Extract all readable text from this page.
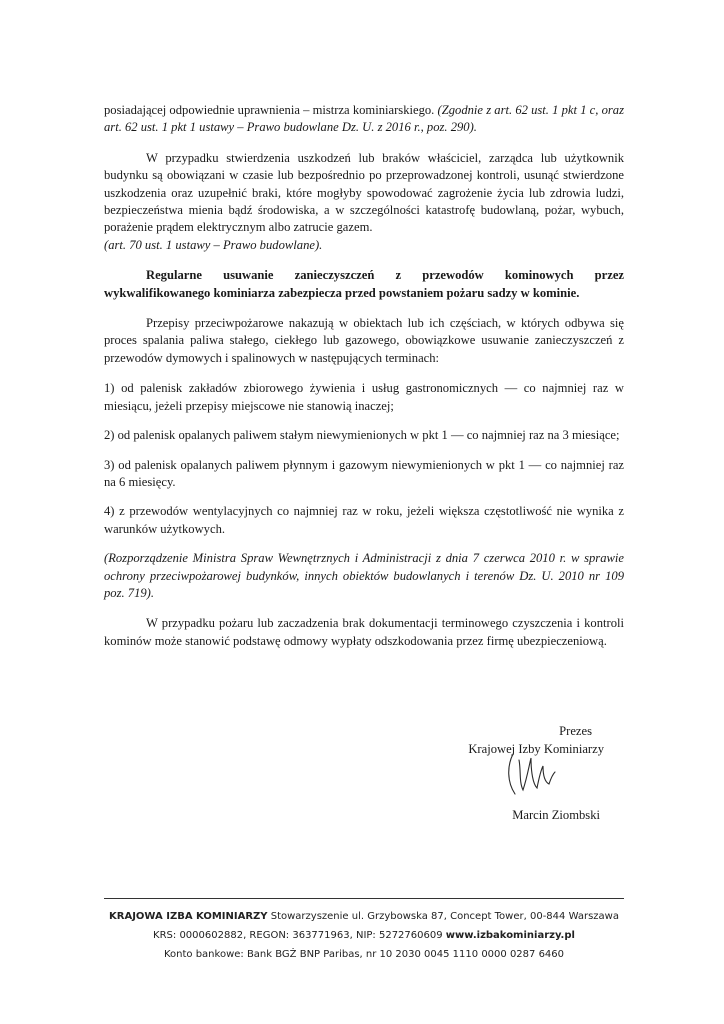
posiadającej odpowiednie uprawnienia – mistrza kominiarskiego. (Zgodnie z art. 62 ust. 1 pkt 1 c, oraz art. 62 ust. 1 pkt 1 ustawy – Prawo budowlane Dz. U. z 2016 r., poz. 290).

W przypadku stwierdzenia uszkodzeń lub braków właściciel, zarządca lub użytkownik budynku są obowiązani w czasie lub bezpośrednio po przeprowadzonej kontroli, usunąć stwierdzone uszkodzenia oraz uzupełnić braki, które mogłyby spowodować zagrożenie życia lub zdrowia ludzi, bezpieczeństwa mienia bądź środowiska, a w szczególności katastrofę budowlaną, pożar, wybuch, porażenie prądem elektrycznym albo zatrucie gazem.

(art. 70 ust. 1 ustawy – Prawo budowlane).

Regularne usuwanie zanieczyszczeń z przewodów kominowych przez wykwalifikowanego kominiarza zabezpiecza przed powstaniem pożaru sadzy w kominie.

Przepisy przeciwpożarowe nakazują w obiektach lub ich częściach, w których odbywa się proces spalania paliwa stałego, ciekłego lub gazowego, obowiązkowe usuwanie zanieczyszczeń z przewodów dymowych i spalinowych w następujących terminach:

1) od palenisk zakładów zbiorowego żywienia i usług gastronomicznych — co najmniej raz w miesiącu, jeżeli przepisy miejscowe nie stanowią inaczej;

2) od palenisk opalanych paliwem stałym niewymienionych w pkt 1 — co najmniej raz na 3 miesiące;

3) od palenisk opalanych paliwem płynnym i gazowym niewymienionych w pkt 1 — co najmniej raz na 6 miesięcy.

4) z przewodów wentylacyjnych co najmniej raz w roku, jeżeli większa częstotliwość nie wynika z warunków użytkowych.

(Rozporządzenie Ministra Spraw Wewnętrznych i Administracji z dnia 7 czerwca 2010 r. w sprawie ochrony przeciwpożarowej budynków, innych obiektów budowlanych i terenów Dz. U. 2010 nr 109 poz. 719).

W przypadku pożaru lub zaczadzenia brak dokumentacji terminowego czyszczenia i kontroli kominów może stanowić podstawę odmowy wypłaty odszkodowania przez firmę ubezpieczeniową.

Prezes
Krajowej Izby Kominiarzy
Marcin Ziombski
KRAJOWA IZBA KOMINIARZY Stowarzyszenie ul. Grzybowska 87, Concept Tower, 00-844 Warszawa
KRS: 0000602882, REGON: 363771963, NIP: 5272760609 www.izbakominiarzy.pl
Konto bankowe: Bank BGŻ BNP Paribas, nr 10 2030 0045 1110 0000 0287 6460
